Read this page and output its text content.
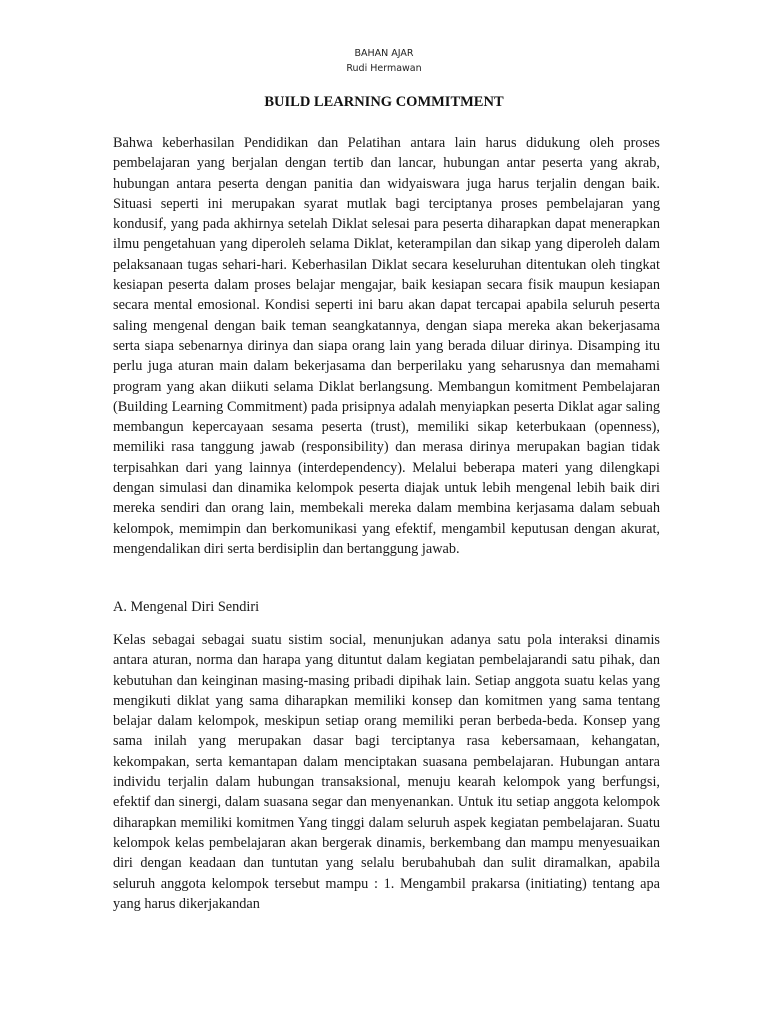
BAHAN AJAR
Rudi Hermawan
BUILD LEARNING COMMITMENT

Bahwa keberhasilan Pendidikan dan Pelatihan antara lain harus didukung oleh proses pembelajaran yang berjalan dengan tertib dan lancar, hubungan antar peserta yang akrab, hubungan antara peserta dengan panitia dan widyaiswara juga harus terjalin dengan baik. Situasi seperti ini merupakan syarat mutlak bagi terciptanya proses pembelajaran yang kondusif, yang pada akhirnya setelah Diklat selesai para peserta diharapkan dapat menerapkan ilmu pengetahuan yang diperoleh selama Diklat, keterampilan dan sikap yang diperoleh dalam pelaksanaan tugas sehari-hari. Keberhasilan Diklat secara keseluruhan ditentukan oleh tingkat kesiapan peserta dalam proses belajar mengajar, baik kesiapan secara fisik maupun kesiapan secara mental emosional. Kondisi seperti ini baru akan dapat tercapai apabila seluruh peserta saling mengenal dengan baik teman seangkatannya, dengan siapa mereka akan bekerjasama serta siapa sebenarnya dirinya dan siapa orang lain yang berada diluar dirinya. Disamping itu perlu juga aturan main dalam bekerjasama dan berperilaku yang seharusnya dan memahami program yang akan diikuti selama Diklat berlangsung. Membangun komitment Pembelajaran (Building Learning Commitment) pada prisipnya adalah menyiapkan peserta Diklat agar saling membangun kepercayaan sesama peserta (trust), memiliki sikap keterbukaan (openness), memiliki rasa tanggung jawab (responsibility) dan merasa dirinya merupakan bagian tidak terpisahkan dari yang lainnya (interdependency). Melalui beberapa materi yang dilengkapi dengan simulasi dan dinamika kelompok peserta diajak untuk lebih mengenal lebih baik diri mereka sendiri dan orang lain, membekali mereka dalam membina kerjasama dalam sebuah kelompok, memimpin dan berkomunikasi yang efektif, mengambil keputusan dengan akurat, mengendalikan diri serta berdisiplin dan bertanggung jawab.

A. Mengenal Diri Sendiri

Kelas sebagai sebagai suatu sistim social, menunjukan adanya satu pola interaksi dinamis antara aturan, norma dan harapa yang dituntut dalam kegiatan pembelajarandi satu pihak, dan kebutuhan dan keinginan masing-masing pribadi dipihak lain. Setiap anggota suatu kelas yang mengikuti diklat yang sama diharapkan memiliki konsep dan komitmen yang sama tentang belajar dalam kelompok, meskipun setiap orang memiliki peran berbeda-beda. Konsep yang sama inilah yang merupakan dasar bagi terciptanya rasa kebersamaan, kehangatan, kekompakan, serta kemantapan dalam menciptakan suasana pembelajaran. Hubungan antara individu terjalin dalam hubungan transaksional, menuju kearah kelompok yang berfungsi, efektif dan sinergi, dalam suasana segar dan menyenankan. Untuk itu setiap anggota kelompok diharapkan memiliki komitmen Yang tinggi dalam seluruh aspek kegiatan pembelajaran. Suatu kelompok kelas pembelajaran akan bergerak dinamis, berkembang dan mampu menyesuaikan diri dengan keadaan dan tuntutan yang selalu berubahubah dan sulit diramalkan, apabila seluruh anggota kelompok tersebut mampu : 1. Mengambil prakarsa (initiating) tentang apa yang harus dikerjakandan
